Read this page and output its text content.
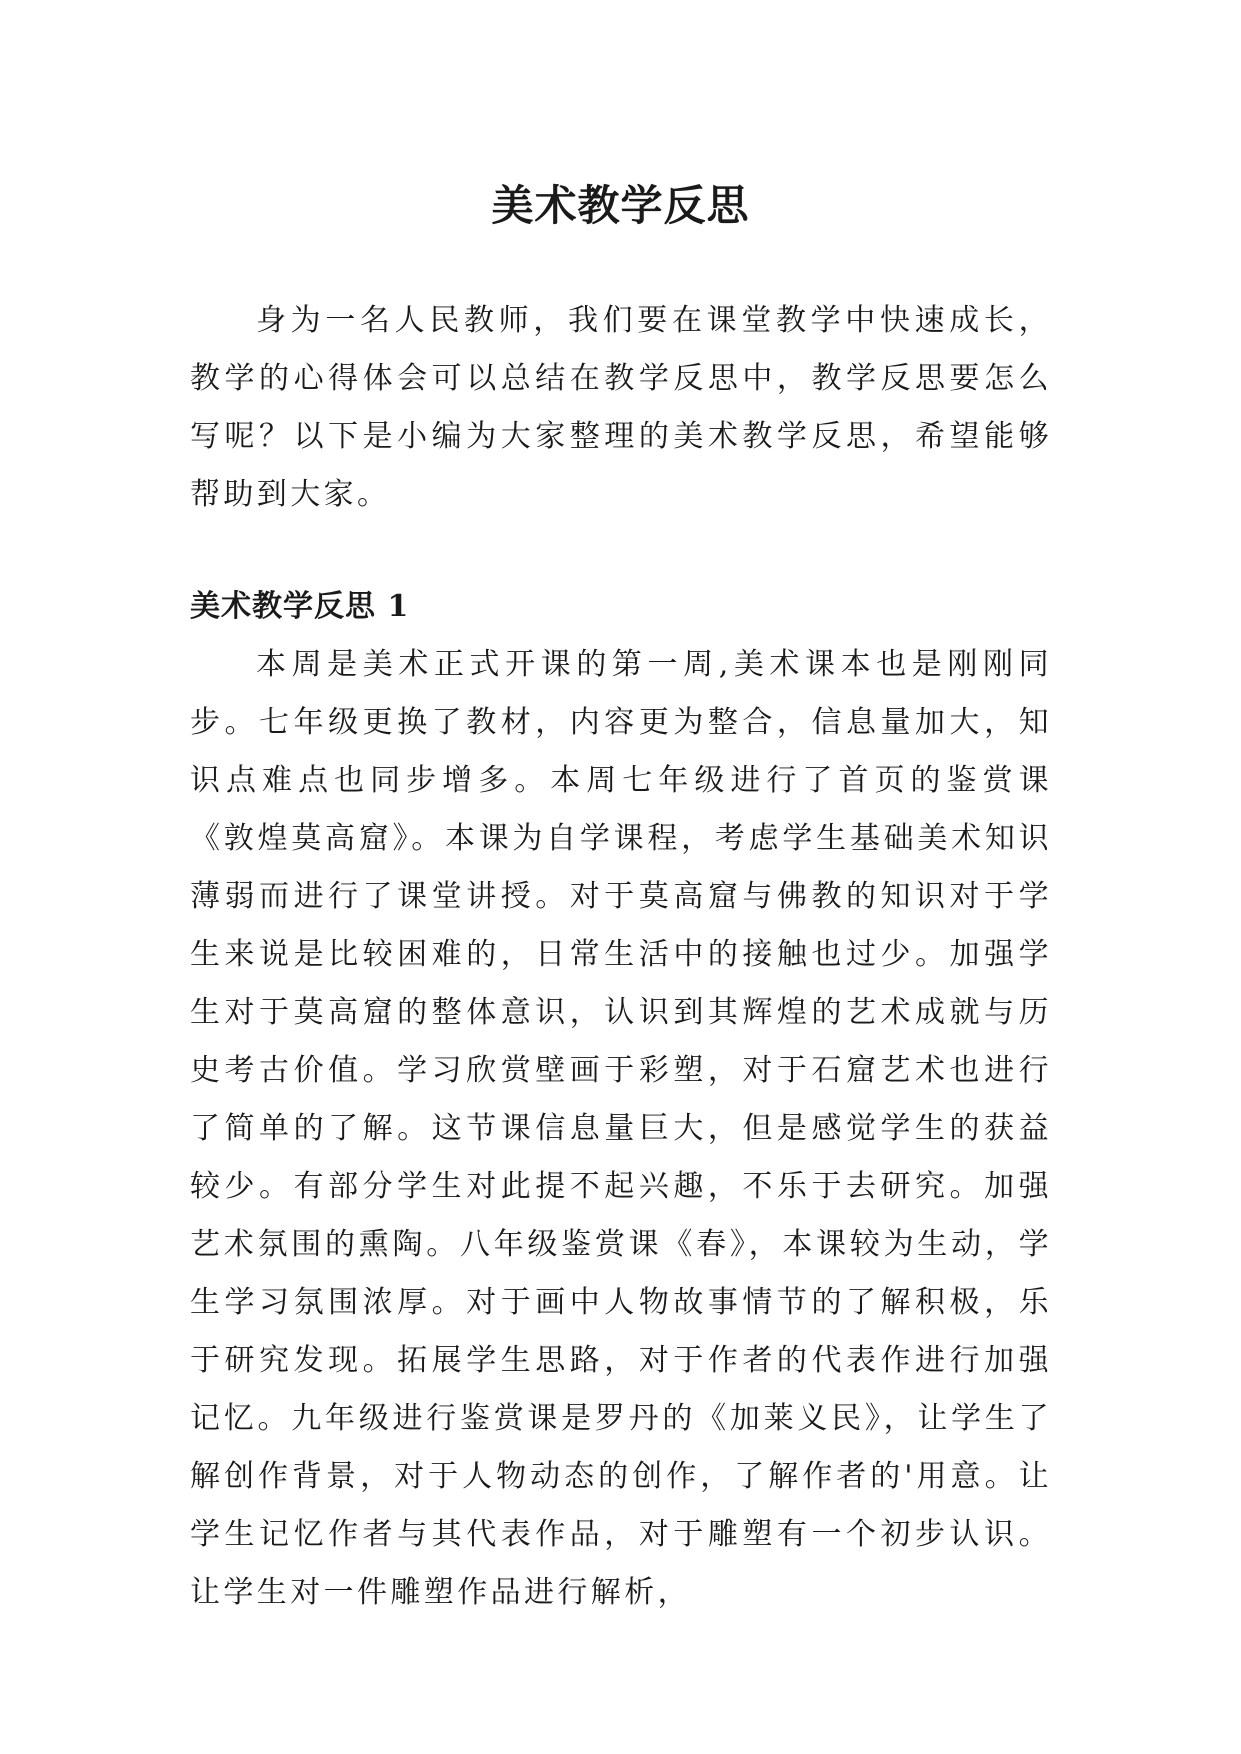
美术教学反思

身为一名人民教师，我们要在课堂教学中快速成长，教学的心得体会可以总结在教学反思中，教学反思要怎么写呢？以下是小编为大家整理的美术教学反思，希望能够帮助到大家。

美术教学反思 1

本周是美术正式开课的第一周,美术课本也是刚刚同步。七年级更换了教材，内容更为整合，信息量加大，知识点难点也同步增多。本周七年级进行了首页的鉴赏课《敦煌莫高窟》。本课为自学课程，考虑学生基础美术知识薄弱而进行了课堂讲授。对于莫高窟与佛教的知识对于学生来说是比较困难的，日常生活中的接触也过少。加强学生对于莫高窟的整体意识，认识到其辉煌的艺术成就与历史考古价值。学习欣赏壁画于彩塑，对于石窟艺术也进行了简单的了解。这节课信息量巨大，但是感觉学生的获益较少。有部分学生对此提不起兴趣，不乐于去研究。加强艺术氛围的熏陶。八年级鉴赏课《春》，本课较为生动，学生学习氛围浓厚。对于画中人物故事情节的了解积极，乐于研究发现。拓展学生思路，对于作者的代表作进行加强记忆。九年级进行鉴赏课是罗丹的《加莱义民》，让学生了解创作背景，对于人物动态的创作，了解作者的'用意。让学生记忆作者与其代表作品，对于雕塑有一个初步认识。让学生对一件雕塑作品进行解析，
